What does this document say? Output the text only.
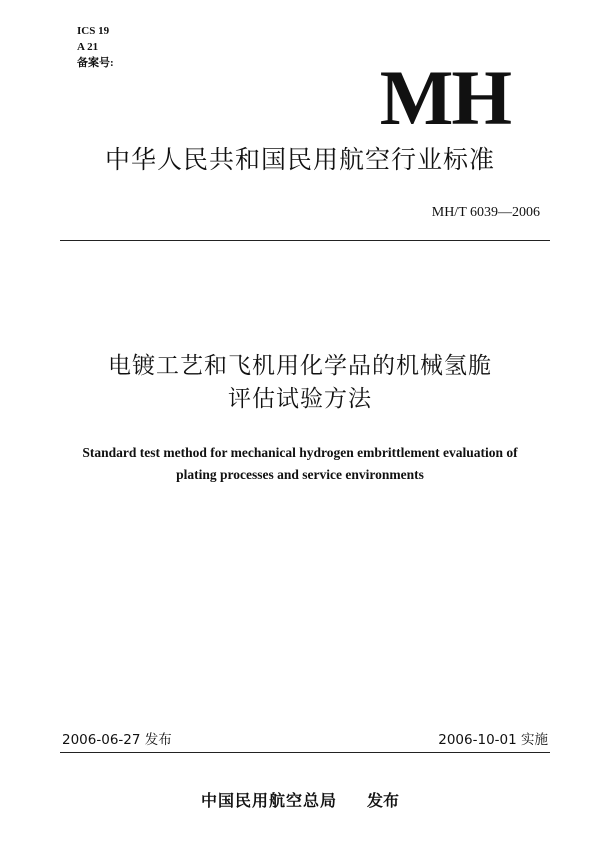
ICS 19
A 21
备案号:	MH
中华人民共和国民用航空行业标准
MH/T 6039—2006
电镀工艺和飞机用化学品的机械氢脆
评估试验方法
Standard test method for mechanical hydrogen embrittlement evaluation of
plating processes and service environments
2006-06-27 发布	2006-10-01 实施
中国民用航空总局 发布
